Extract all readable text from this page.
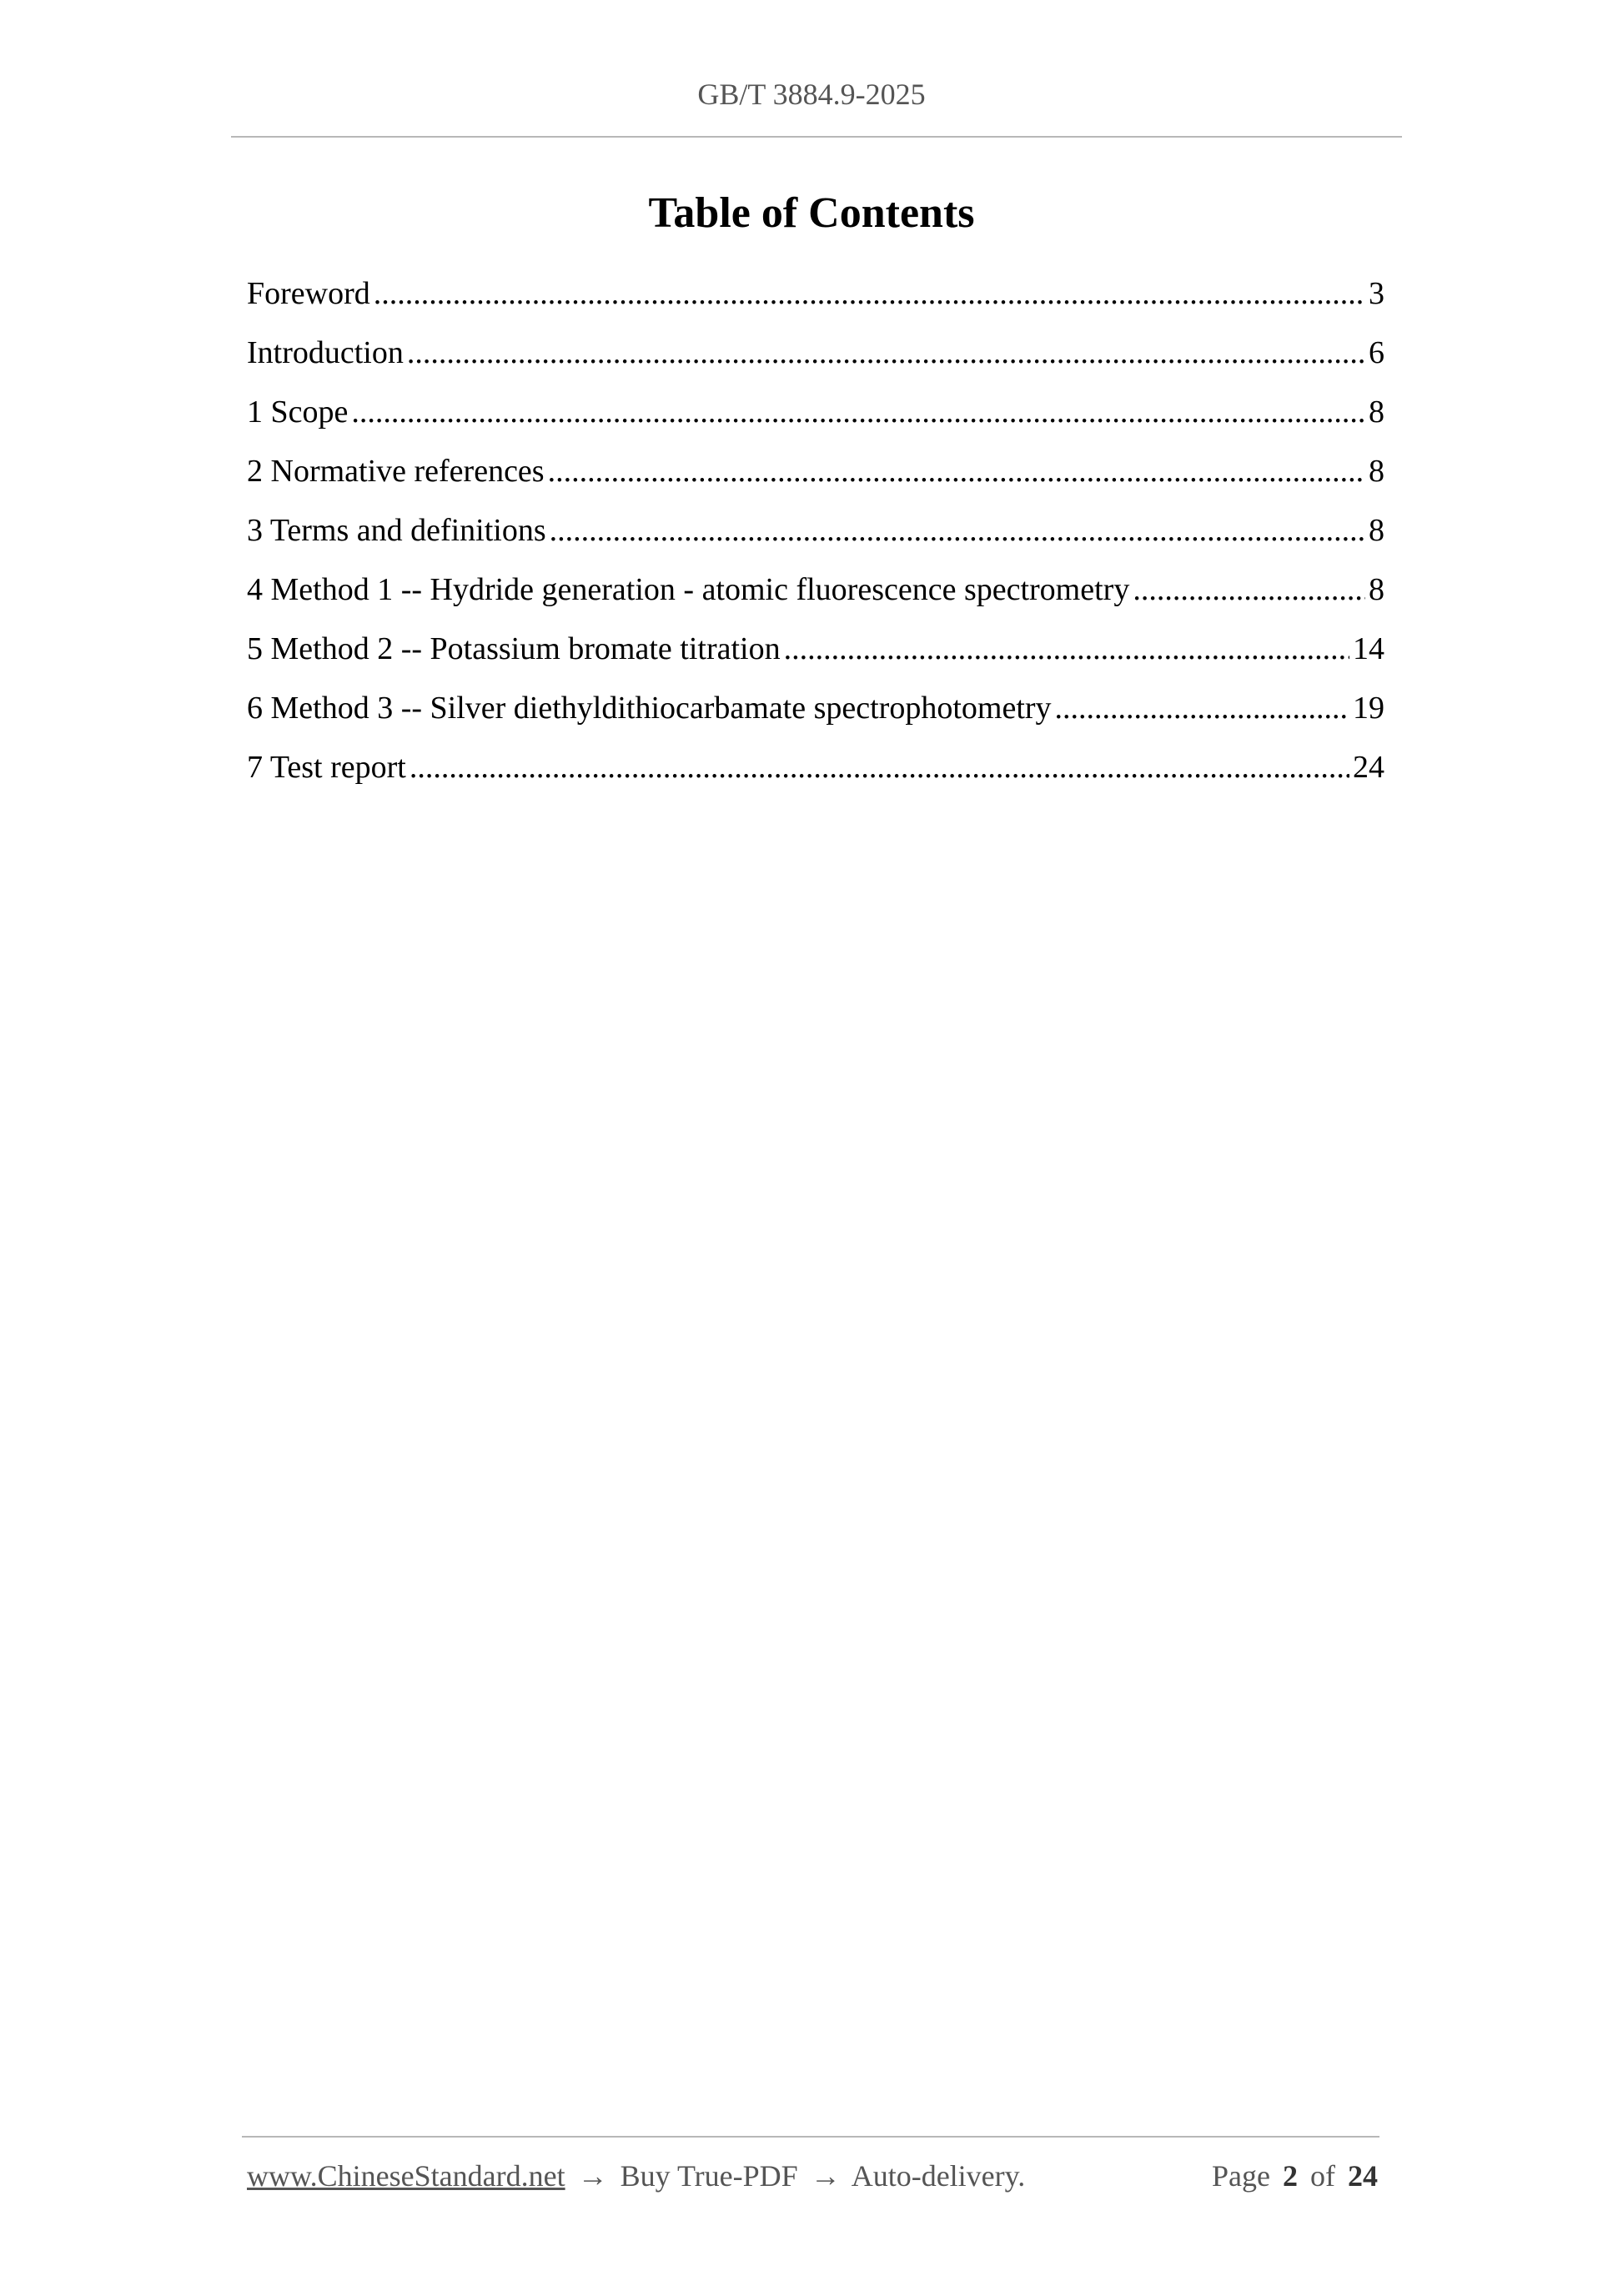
GB/T 3884.9-2025
Table of Contents
Foreword .....	3
Introduction .....	6
1 Scope .....	8
2 Normative references .....	8
3 Terms and definitions .....	8
4 Method 1 -- Hydride generation - atomic fluorescence spectrometry .....	8
5 Method 2 -- Potassium bromate titration .....	14
6 Method 3 -- Silver diethyldithiocarbamate spectrophotometry .....	19
7 Test report .....	24
www.ChineseStandard.net → Buy True-PDF → Auto-delivery.	Page 2 of 24
